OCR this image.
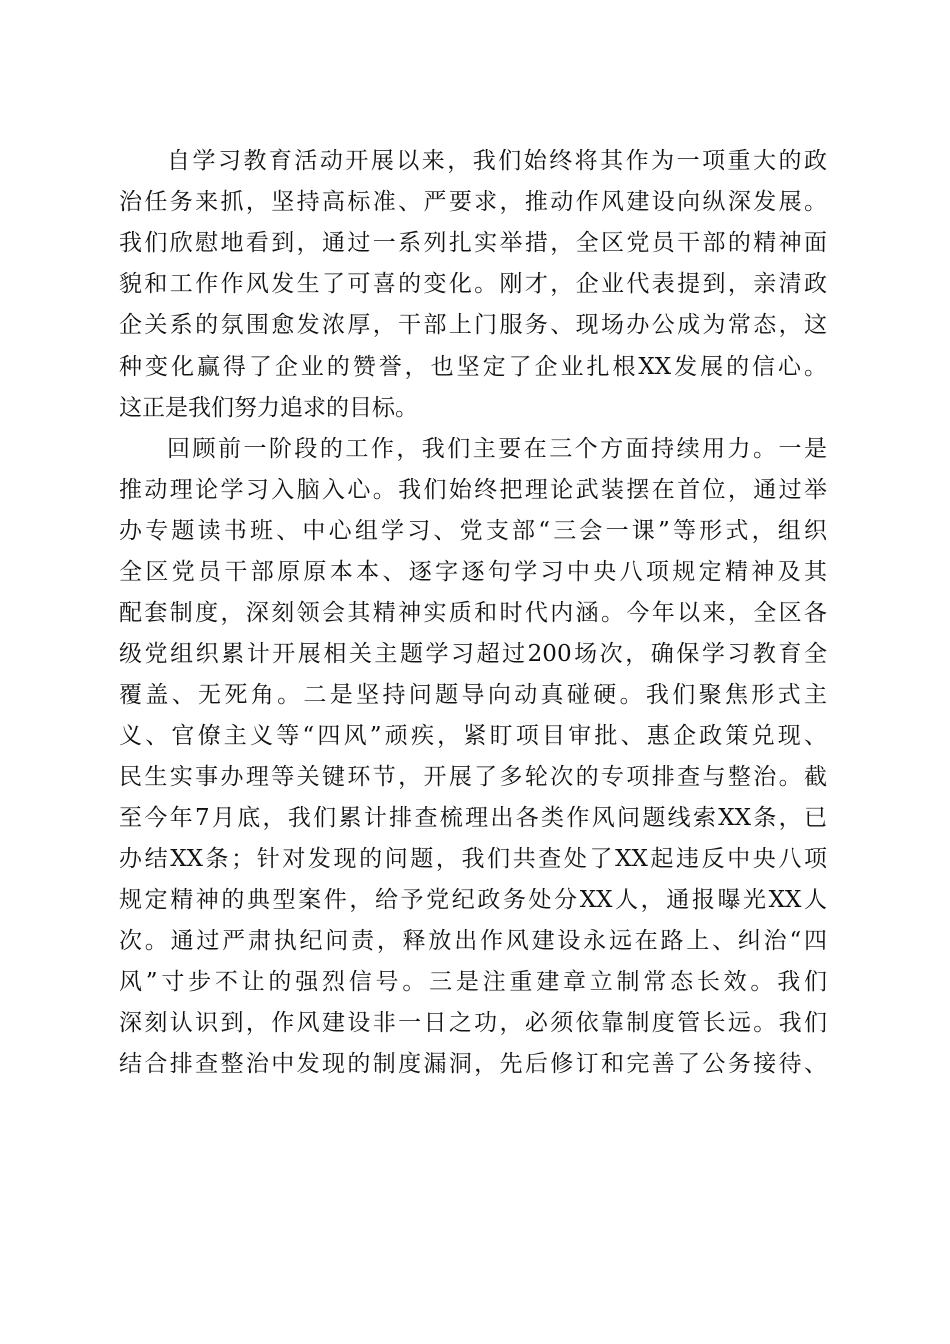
自学习教育活动开展以来，我们始终将其作为一项重大的政
治任务来抓，坚持高标准、严要求，推动作风建设向纵深发展。
我们欣慰地看到，通过一系列扎实举措，全区党员干部的精神面
貌和工作作风发生了可喜的变化。刚才，企业代表提到，亲清政
企关系的氛围愈发浓厚，干部上门服务、现场办公成为常态，这
种变化赢得了企业的赞誉，也坚定了企业扎根XX发展的信心。
这正是我们努力追求的目标。
回顾前一阶段的工作，我们主要在三个方面持续用力。一是
推动理论学习入脑入心。我们始终把理论武装摆在首位，通过举
办专题读书班、中心组学习、党支部“三会一课”等形式，组织
全区党员干部原原本本、逐字逐句学习中央八项规定精神及其
配套制度，深刻领会其精神实质和时代内涵。今年以来，全区各
级党组织累计开展相关主题学习超过200场次，确保学习教育全
覆盖、无死角。二是坚持问题导向动真碰硬。我们聚焦形式主
义、官僚主义等“四风”顽疾，紧盯项目审批、惠企政策兑现、
民生实事办理等关键环节，开展了多轮次的专项排查与整治。截
至今年7月底，我们累计排查梳理出各类作风问题线索XX条，已
办结XX条；针对发现的问题，我们共查处了XX起违反中央八项
规定精神的典型案件，给予党纪政务处分XX人，通报曝光XX人
次。通过严肃执纪问责，释放出作风建设永远在路上、纠治“四
风”寸步不让的强烈信号。三是注重建章立制常态长效。我们
深刻认识到，作风建设非一日之功，必须依靠制度管长远。我们
结合排查整治中发现的制度漏洞，先后修订和完善了公务接待、
